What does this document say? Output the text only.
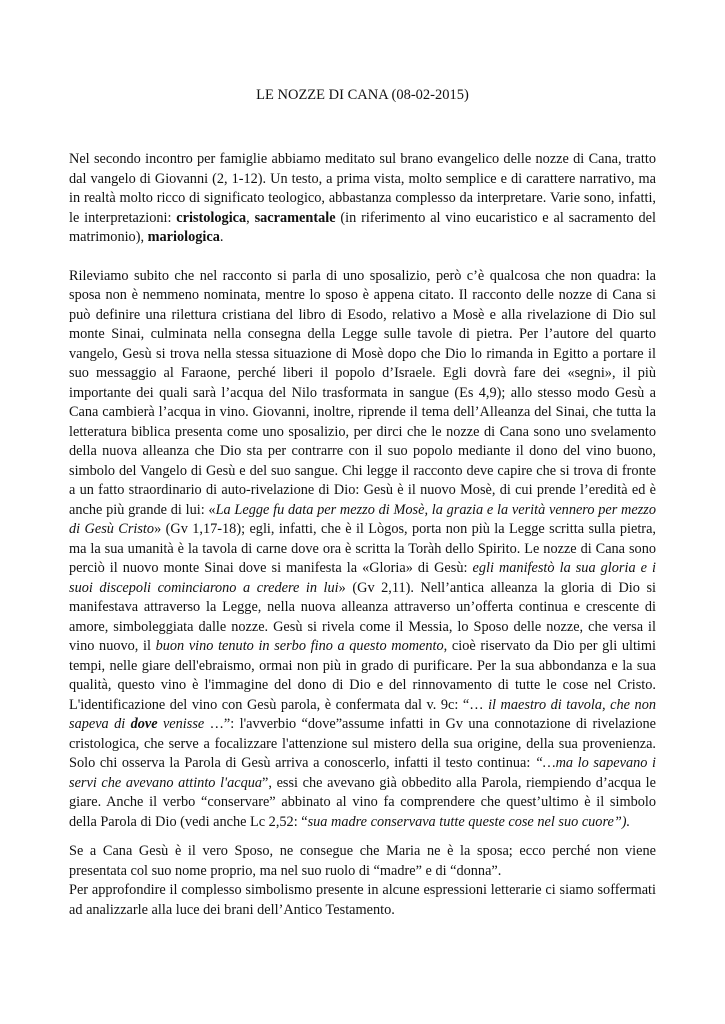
LE NOZZE DI CANA (08-02-2015)

Nel secondo incontro per famiglie abbiamo meditato sul brano evangelico delle nozze di Cana, tratto dal vangelo di Giovanni (2, 1-12). Un testo, a prima vista, molto semplice e di carattere narrativo, ma in realtà molto ricco di significato teologico, abbastanza complesso da interpretare. Varie sono, infatti, le interpretazioni: cristologica, sacramentale (in riferimento al vino eucaristico e al sacramento del matrimonio), mariologica.

Rileviamo subito che nel racconto si parla di uno sposalizio, però c’è qualcosa che non quadra: la sposa non è nemmeno nominata, mentre lo sposo è appena citato. Il racconto delle nozze di Cana si può definire una rilettura cristiana del libro di Esodo, relativo a Mosè e alla rivelazione di Dio sul monte Sinai, culminata nella consegna della Legge sulle tavole di pietra. Per l’autore del quarto vangelo, Gesù si trova nella stessa situazione di Mosè dopo che Dio lo rimanda in Egitto a portare il suo messaggio al Faraone, perché liberi il popolo d’Israele. Egli dovrà fare dei «segni», il più importante dei quali sarà l’acqua del Nilo trasformata in sangue (Es 4,9); allo stesso modo Gesù a Cana cambierà l’acqua in vino. Giovanni, inoltre, riprende il tema dell’Alleanza del Sinai, che tutta la letteratura biblica presenta come uno sposalizio, per dirci che le nozze di Cana sono uno svelamento della nuova alleanza che Dio sta per contrarre con il suo popolo mediante il dono del vino buono, simbolo del Vangelo di Gesù e del suo sangue. Chi legge il racconto deve capire che si trova di fronte a un fatto straordinario di auto-rivelazione di Dio: Gesù è il nuovo Mosè, di cui prende l’eredità ed è anche più grande di lui: «La Legge fu data per mezzo di Mosè, la grazia e la verità vennero per mezzo di Gesù Cristo» (Gv 1,17-18); egli, infatti, che è il Lògos, porta non più la Legge scritta sulla pietra, ma la sua umanità è la tavola di carne dove ora è scritta la Toràh dello Spirito. Le nozze di Cana sono perciò il nuovo monte Sinai dove si manifesta la «Gloria» di Gesù: egli manifestò la sua gloria e i suoi discepoli cominciarono a credere in lui» (Gv 2,11). Nell’antica alleanza la gloria di Dio si manifestava attraverso la Legge, nella nuova alleanza attraverso un’offerta continua e crescente di amore, simboleggiata dalle nozze. Gesù si rivela come il Messia, lo Sposo delle nozze, che versa il vino nuovo, il buon vino tenuto in serbo fino a questo momento, cioè riservato da Dio per gli ultimi tempi, nelle giare dell'ebraismo, ormai non più in grado di purificare. Per la sua abbondanza e la sua qualità, questo vino è l'immagine del dono di Dio e del rinnovamento di tutte le cose nel Cristo. L'identificazione del vino con Gesù parola, è confermata dal v. 9c: “… il maestro di tavola, che non sapeva di dove venisse …”: l'avverbio “dove”assume infatti in Gv una connotazione di rivelazione cristologica, che serve a focalizzare l'attenzione sul mistero della sua origine, della sua provenienza. Solo chi osserva la Parola di Gesù arriva a conoscerlo, infatti il testo continua: “…ma lo sapevano i servi che avevano attinto l'acqua”, essi che avevano già obbedito alla Parola, riempiendo d’acqua le giare. Anche il verbo “conservare” abbinato al vino fa comprendere che quest’ultimo è il simbolo della Parola di Dio (vedi anche Lc 2,52: “sua madre conservava tutte queste cose nel suo cuore”).

Se a Cana Gesù è il vero Sposo, ne consegue che Maria ne è la sposa; ecco perché non viene presentata col suo nome proprio, ma nel suo ruolo di “madre” e di “donna”.

Per approfondire il complesso simbolismo presente in alcune espressioni letterarie ci siamo soffermati ad analizzarle alla luce dei brani dell’Antico Testamento.
